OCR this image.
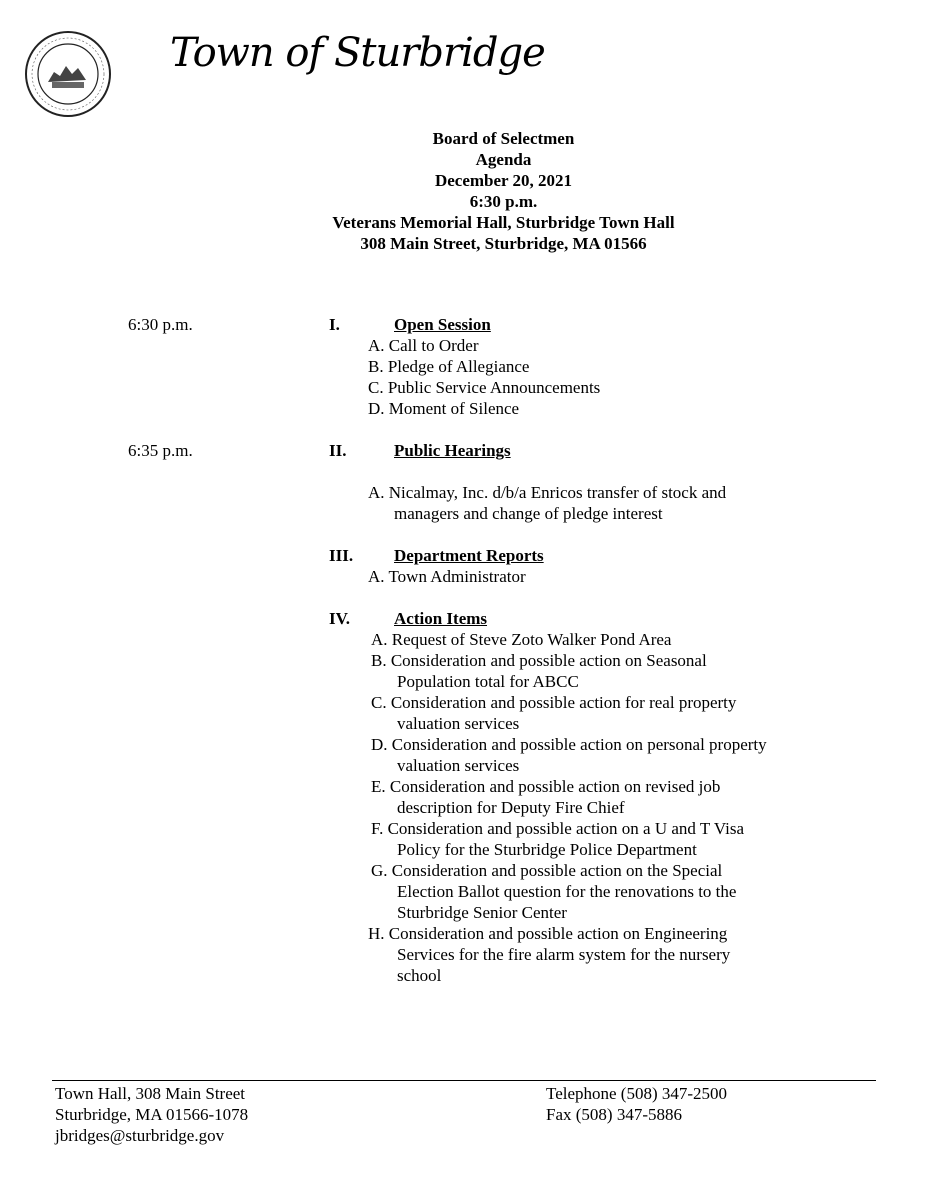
Town of Sturbridge
Board of Selectmen
Agenda
December 20, 2021
6:30 p.m.
Veterans Memorial Hall, Sturbridge Town Hall
308 Main Street, Sturbridge, MA 01566
6:30 p.m.	I.	Open Session
A. Call to Order
B. Pledge of Allegiance
C. Public Service Announcements
D. Moment of Silence
6:35 p.m.	II.	Public Hearings
A. Nicalmay, Inc. d/b/a Enricos transfer of stock and
managers and change of pledge interest
III. Department Reports
A. Town Administrator
IV.	Action Items
A. Request of Steve Zoto Walker Pond Area
B. Consideration and possible action on Seasonal
Population total for ABCC
C. Consideration and possible action for real property
valuation services
D. Consideration and possible action on personal property
valuation services
E. Consideration and possible action on revised job
description for Deputy Fire Chief
F. Consideration and possible action on a U and T Visa
Policy for the Sturbridge Police Department
G. Consideration and possible action on the Special
Election Ballot question for the renovations to the
Sturbridge Senior Center
H. Consideration and possible action on Engineering
Services for the fire alarm system for the nursery
school
Town Hall, 308 Main Street
Sturbridge, MA 01566-1078
jbridges@sturbridge.gov
Telephone (508) 347-2500
Fax (508) 347-5886
